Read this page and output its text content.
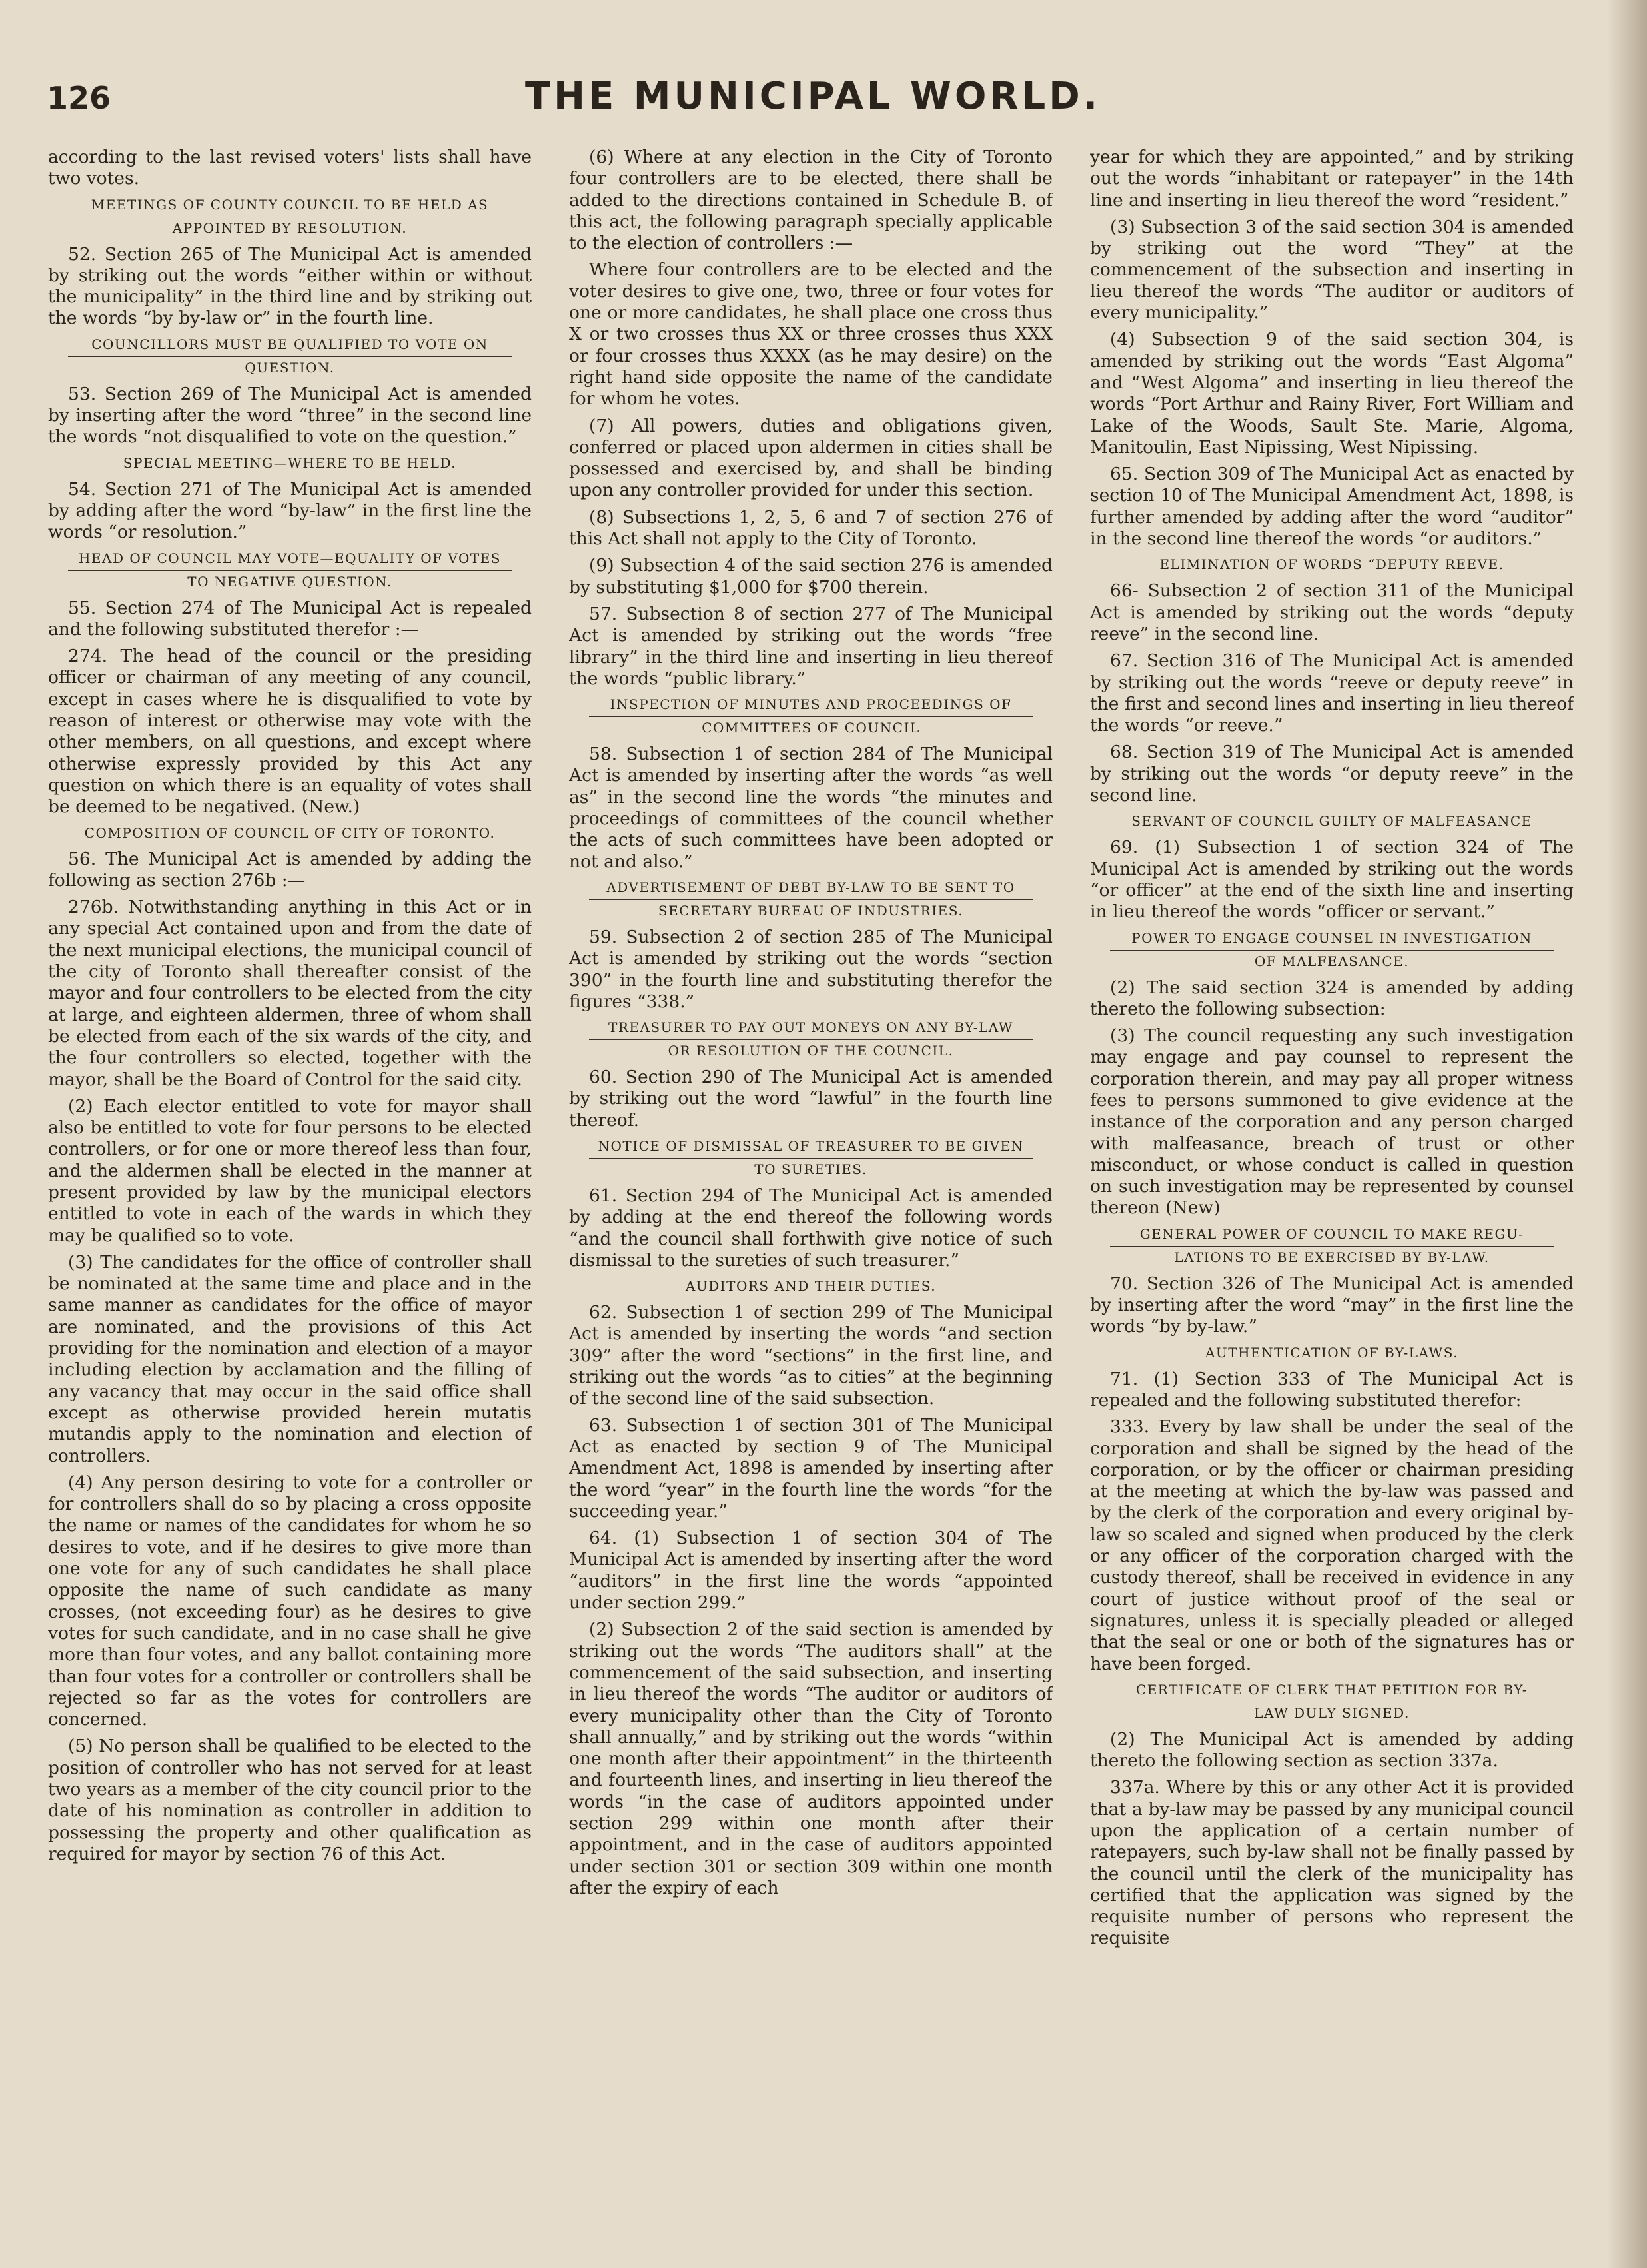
126	THE MUNICIPAL WORLD.

according to the last revised voters' lists shall have two votes.

MEETINGS OF COUNTY COUNCIL TO BE HELD AS
APPOINTED BY RESOLUTION.

52. Section 265 of The Municipal Act is amended by striking out the words “either within or without the municipality” in the third line and by striking out the words “by by-law or” in the fourth line.

COUNCILLORS MUST BE QUALIFIED TO VOTE ON
QUESTION.

53. Section 269 of The Municipal Act is amended by inserting after the word “three” in the second line the words “not disqualified to vote on the question.”

SPECIAL MEETING—WHERE TO BE HELD.

54. Section 271 of The Municipal Act is amended by adding after the word “by-law” in the first line the words “or resolution.”

HEAD OF COUNCIL MAY VOTE—EQUALITY OF VOTES
TO NEGATIVE QUESTION.

55. Section 274 of The Municipal Act is repealed and the following substituted therefor :—

274. The head of the council or the presiding officer or chairman of any meeting of any council, except in cases where he is disqualified to vote by reason of interest or otherwise may vote with the other members, on all questions, and except where otherwise expressly provided by this Act any question on which there is an equality of votes shall be deemed to be negatived. (New.)

COMPOSITION OF COUNCIL OF CITY OF TORONTO.

56. The Municipal Act is amended by adding the following as section 276b :—

276b. Notwithstanding anything in this Act or in any special Act contained upon and from the date of the next municipal elections, the municipal council of the city of Toronto shall thereafter consist of the mayor and four controllers to be elected from the city at large, and eighteen aldermen, three of whom shall be elected from each of the six wards of the city, and the four controllers so elected, together with the mayor, shall be the Board of Control for the said city.

(2) Each elector entitled to vote for mayor shall also be entitled to vote for four persons to be elected controllers, or for one or more thereof less than four, and the aldermen shall be elected in the manner at present provided by law by the municipal electors entitled to vote in each of the wards in which they may be qualified so to vote.

(3) The candidates for the office of controller shall be nominated at the same time and place and in the same manner as candidates for the office of mayor are nominated, and the provisions of this Act providing for the nomination and election of a mayor including election by acclamation and the filling of any vacancy that may occur in the said office shall except as otherwise provided herein mutatis mutandis apply to the nomination and election of controllers.

(4) Any person desiring to vote for a controller or for controllers shall do so by placing a cross opposite the name or names of the candidates for whom he so desires to vote, and if he desires to give more than one vote for any of such candidates he shall place opposite the name of such candidate as many crosses, (not exceeding four) as he desires to give votes for such candidate, and in no case shall he give more than four votes, and any ballot containing more than four votes for a controller or controllers shall be rejected so far as the votes for controllers are concerned.

(5) No person shall be qualified to be elected to the position of controller who has not served for at least two years as a member of the city council prior to the date of his nomination as controller in addition to possessing the property and other qualification as required for mayor by section 76 of this Act.

(6) Where at any election in the City of Toronto four controllers are to be elected, there shall be added to the directions contained in Schedule B. of this act, the following paragraph specially applicable to the election of controllers :—

Where four controllers are to be elected and the voter desires to give one, two, three or four votes for one or more candidates, he shall place one cross thus X or two crosses thus XX or three crosses thus XXX or four crosses thus XXXX (as he may desire) on the right hand side opposite the name of the candidate for whom he votes.

(7) All powers, duties and obligations given, conferred or placed upon aldermen in cities shall be possessed and exercised by, and shall be binding upon any controller provided for under this section.

(8) Subsections 1, 2, 5, 6 and 7 of section 276 of this Act shall not apply to the City of Toronto.

(9) Subsection 4 of the said section 276 is amended by substituting $1,000 for $700 therein.

57. Subsection 8 of section 277 of The Municipal Act is amended by striking out the words “free library” in the third line and inserting in lieu thereof the words “public library.”

INSPECTION OF MINUTES AND PROCEEDINGS OF
COMMITTEES OF COUNCIL

58. Subsection 1 of section 284 of The Municipal Act is amended by inserting after the words “as well as” in the second line the words “the minutes and proceedings of committees of the council whether the acts of such committees have been adopted or not and also.”

ADVERTISEMENT OF DEBT BY-LAW TO BE SENT TO
SECRETARY BUREAU OF INDUSTRIES.

59. Subsection 2 of section 285 of The Municipal Act is amended by striking out the words “section 390” in the fourth line and substituting therefor the figures “338.”

TREASURER TO PAY OUT MONEYS ON ANY BY-LAW
OR RESOLUTION OF THE COUNCIL.

60. Section 290 of The Municipal Act is amended by striking out the word “lawful” in the fourth line thereof.

NOTICE OF DISMISSAL OF TREASURER TO BE GIVEN
TO SURETIES.

61. Section 294 of The Municipal Act is amended by adding at the end thereof the following words “and the council shall forthwith give notice of such dismissal to the sureties of such treasurer.”

AUDITORS AND THEIR DUTIES.

62. Subsection 1 of section 299 of The Municipal Act is amended by inserting the words “and section 309” after the word “sections” in the first line, and striking out the words “as to cities” at the beginning of the second line of the said subsection.

63. Subsection 1 of section 301 of The Municipal Act as enacted by section 9 of The Municipal Amendment Act, 1898 is amended by inserting after the word “year” in the fourth line the words “for the succeeding year.”

64. (1) Subsection 1 of section 304 of The Municipal Act is amended by inserting after the word “auditors” in the first line the words “appointed under section 299.”

(2) Subsection 2 of the said section is amended by striking out the words “The auditors shall” at the commencement of the said subsection, and inserting in lieu thereof the words “The auditor or auditors of every municipality other than the City of Toronto shall annually,” and by striking out the words “within one month after their appointment” in the thirteenth and fourteenth lines, and inserting in lieu thereof the words “in the case of auditors appointed under section 299 within one month after their appointment, and in the case of auditors appointed under section 301 or section 309 within one month after the expiry of each

year for which they are appointed,” and by striking out the words “inhabitant or ratepayer” in the 14th line and inserting in lieu thereof the word “resident.”

(3) Subsection 3 of the said section 304 is amended by striking out the word “They” at the commencement of the subsection and inserting in lieu thereof the words “The auditor or auditors of every municipality.”

(4) Subsection 9 of the said section 304, is amended by striking out the words “East Algoma” and “West Algoma” and inserting in lieu thereof the words “Port Arthur and Rainy River, Fort William and Lake of the Woods, Sault Ste. Marie, Algoma, Manitoulin, East Nipissing, West Nipissing.

65. Section 309 of The Municipal Act as enacted by section 10 of The Municipal Amendment Act, 1898, is further amended by adding after the word “auditor” in the second line thereof the words “or auditors.”

ELIMINATION OF WORDS “DEPUTY REEVE.

66- Subsection 2 of section 311 of the Municipal Act is amended by striking out the words “deputy reeve” in the second line.

67. Section 316 of The Municipal Act is amended by striking out the words “reeve or deputy reeve” in the first and second lines and inserting in lieu thereof the words “or reeve.”

68. Section 319 of The Municipal Act is amended by striking out the words “or deputy reeve” in the second line.

SERVANT OF COUNCIL GUILTY OF MALFEASANCE

69. (1) Subsection 1 of section 324 of The Municipal Act is amended by striking out the words “or officer” at the end of the sixth line and inserting in lieu thereof the words “officer or servant.”

POWER TO ENGAGE COUNSEL IN INVESTIGATION
OF MALFEASANCE.

(2) The said section 324 is amended by adding thereto the following subsection:

(3) The council requesting any such investigation may engage and pay counsel to represent the corporation therein, and may pay all proper witness fees to persons summoned to give evidence at the instance of the corporation and any person charged with malfeasance, breach of trust or other misconduct, or whose conduct is called in question on such investigation may be represented by counsel thereon (New)

GENERAL POWER OF COUNCIL TO MAKE REGU-
LATIONS TO BE EXERCISED BY BY-LAW.

70. Section 326 of The Municipal Act is amended by inserting after the word “may” in the first line the words “by by-law.”

AUTHENTICATION OF BY-LAWS.

71. (1) Section 333 of The Municipal Act is repealed and the following substituted therefor:

333. Every by law shall be under the seal of the corporation and shall be signed by the head of the corporation, or by the officer or chairman presiding at the meeting at which the by-law was passed and by the clerk of the corporation and every original by-law so scaled and signed when produced by the clerk or any officer of the corporation charged with the custody thereof, shall be received in evidence in any court of justice without proof of the seal or signatures, unless it is specially pleaded or alleged that the seal or one or both of the signatures has or have been forged.

CERTIFICATE OF CLERK THAT PETITION FOR BY-
LAW DULY SIGNED.

(2) The Municipal Act is amended by adding thereto the following section as section 337a.

337a. Where by this or any other Act it is provided that a by-law may be passed by any municipal council upon the application of a certain number of ratepayers, such by-law shall not be finally passed by the council until the clerk of the municipality has certified that the application was signed by the requisite number of persons who represent the requisite
